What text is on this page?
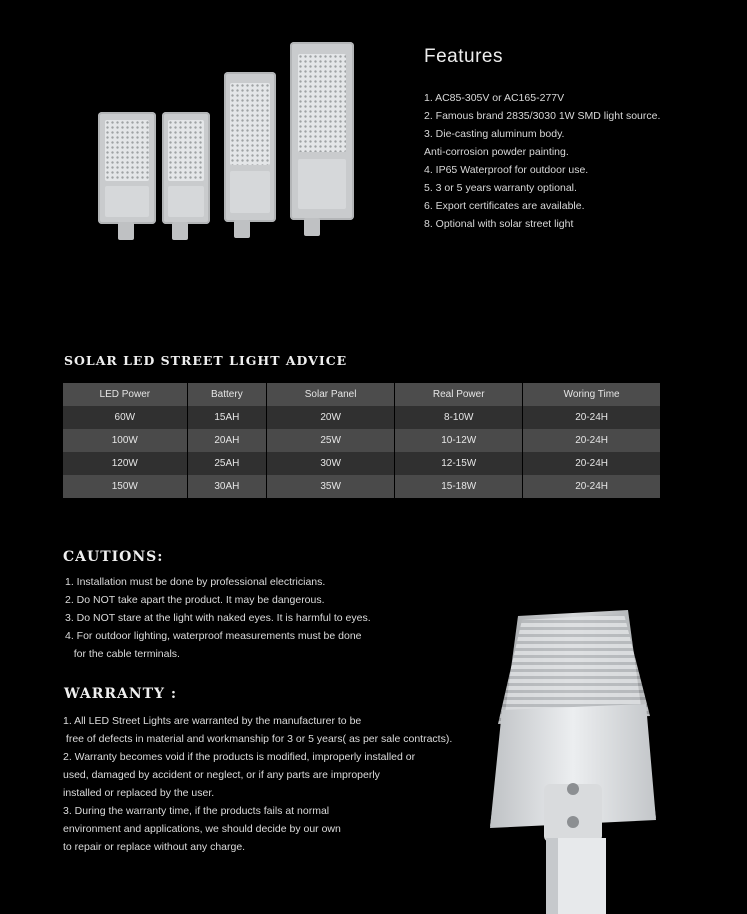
Features
1. AC85-305V or AC165-277V
2. Famous brand 2835/3030 1W SMD light source.
3. Die-casting aluminum body.
Anti-corrosion powder painting.
4. IP65 Waterproof for outdoor use.
5. 3 or 5 years warranty optional.
6. Export certificates are available.
8. Optional with solar street light
SOLAR LED STREET LIGHT ADVICE
LED Power	Battery	Solar Panel	Real Power	Woring Time
60W	15AH	20W	8-10W	20-24H
100W	20AH	25W	10-12W	20-24H
120W	25AH	30W	12-15W	20-24H
150W	30AH	35W	15-18W	20-24H
CAUTIONS:
1. Installation must be done by professional electricians.
2. Do NOT take apart the product. It may be dangerous.
3. Do NOT stare at the light with naked eyes. It is harmful to eyes.
4. For outdoor lighting, waterproof measurements must be done
for the cable terminals.
WARRANTY :
1. All LED Street Lights are warranted by the manufacturer to be
free of defects in material and workmanship for 3 or 5 years( as per sale contracts).
2. Warranty becomes void if the products is modified, improperly installed or
used, damaged by accident or neglect, or if any parts are improperly
installed or replaced by the user.
3. During the warranty time, if the products fails at normal
environment and applications, we should decide by our own
to repair or replace without any charge.
